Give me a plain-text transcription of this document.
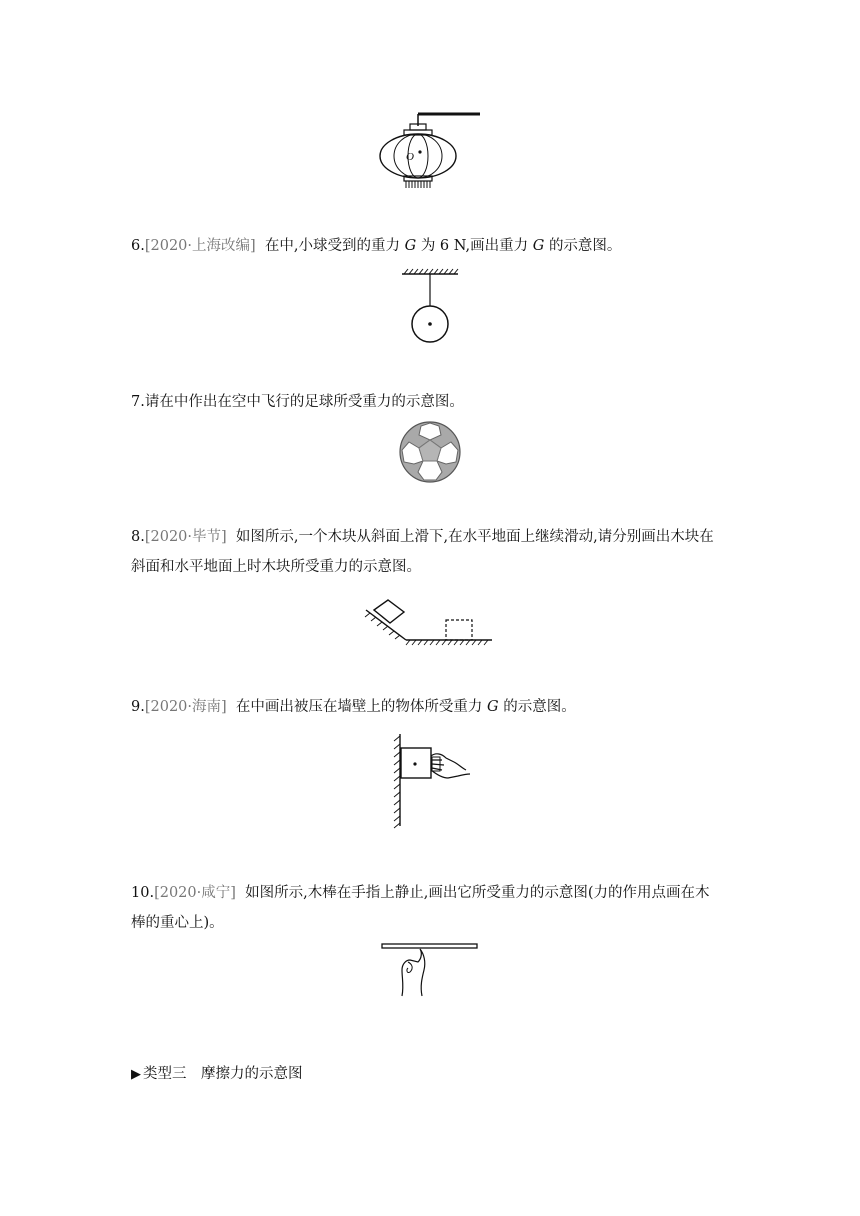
O
6.[2020·上海改编] 在中,小球受到的重力 G 为 6 N,画出重力 G 的示意图。
7.请在中作出在空中飞行的足球所受重力的示意图。
8.[2020·毕节] 如图所示,一个木块从斜面上滑下,在水平地面上继续滑动,请分别画出木块在
斜面和水平地面上时木块所受重力的示意图。
9.[2020·海南] 在中画出被压在墙壁上的物体所受重力 G 的示意图。
10.[2020·咸宁] 如图所示,木棒在手指上静止,画出它所受重力的示意图(力的作用点画在木
棒的重心上)。
▶ 类型三　摩擦力的示意图
